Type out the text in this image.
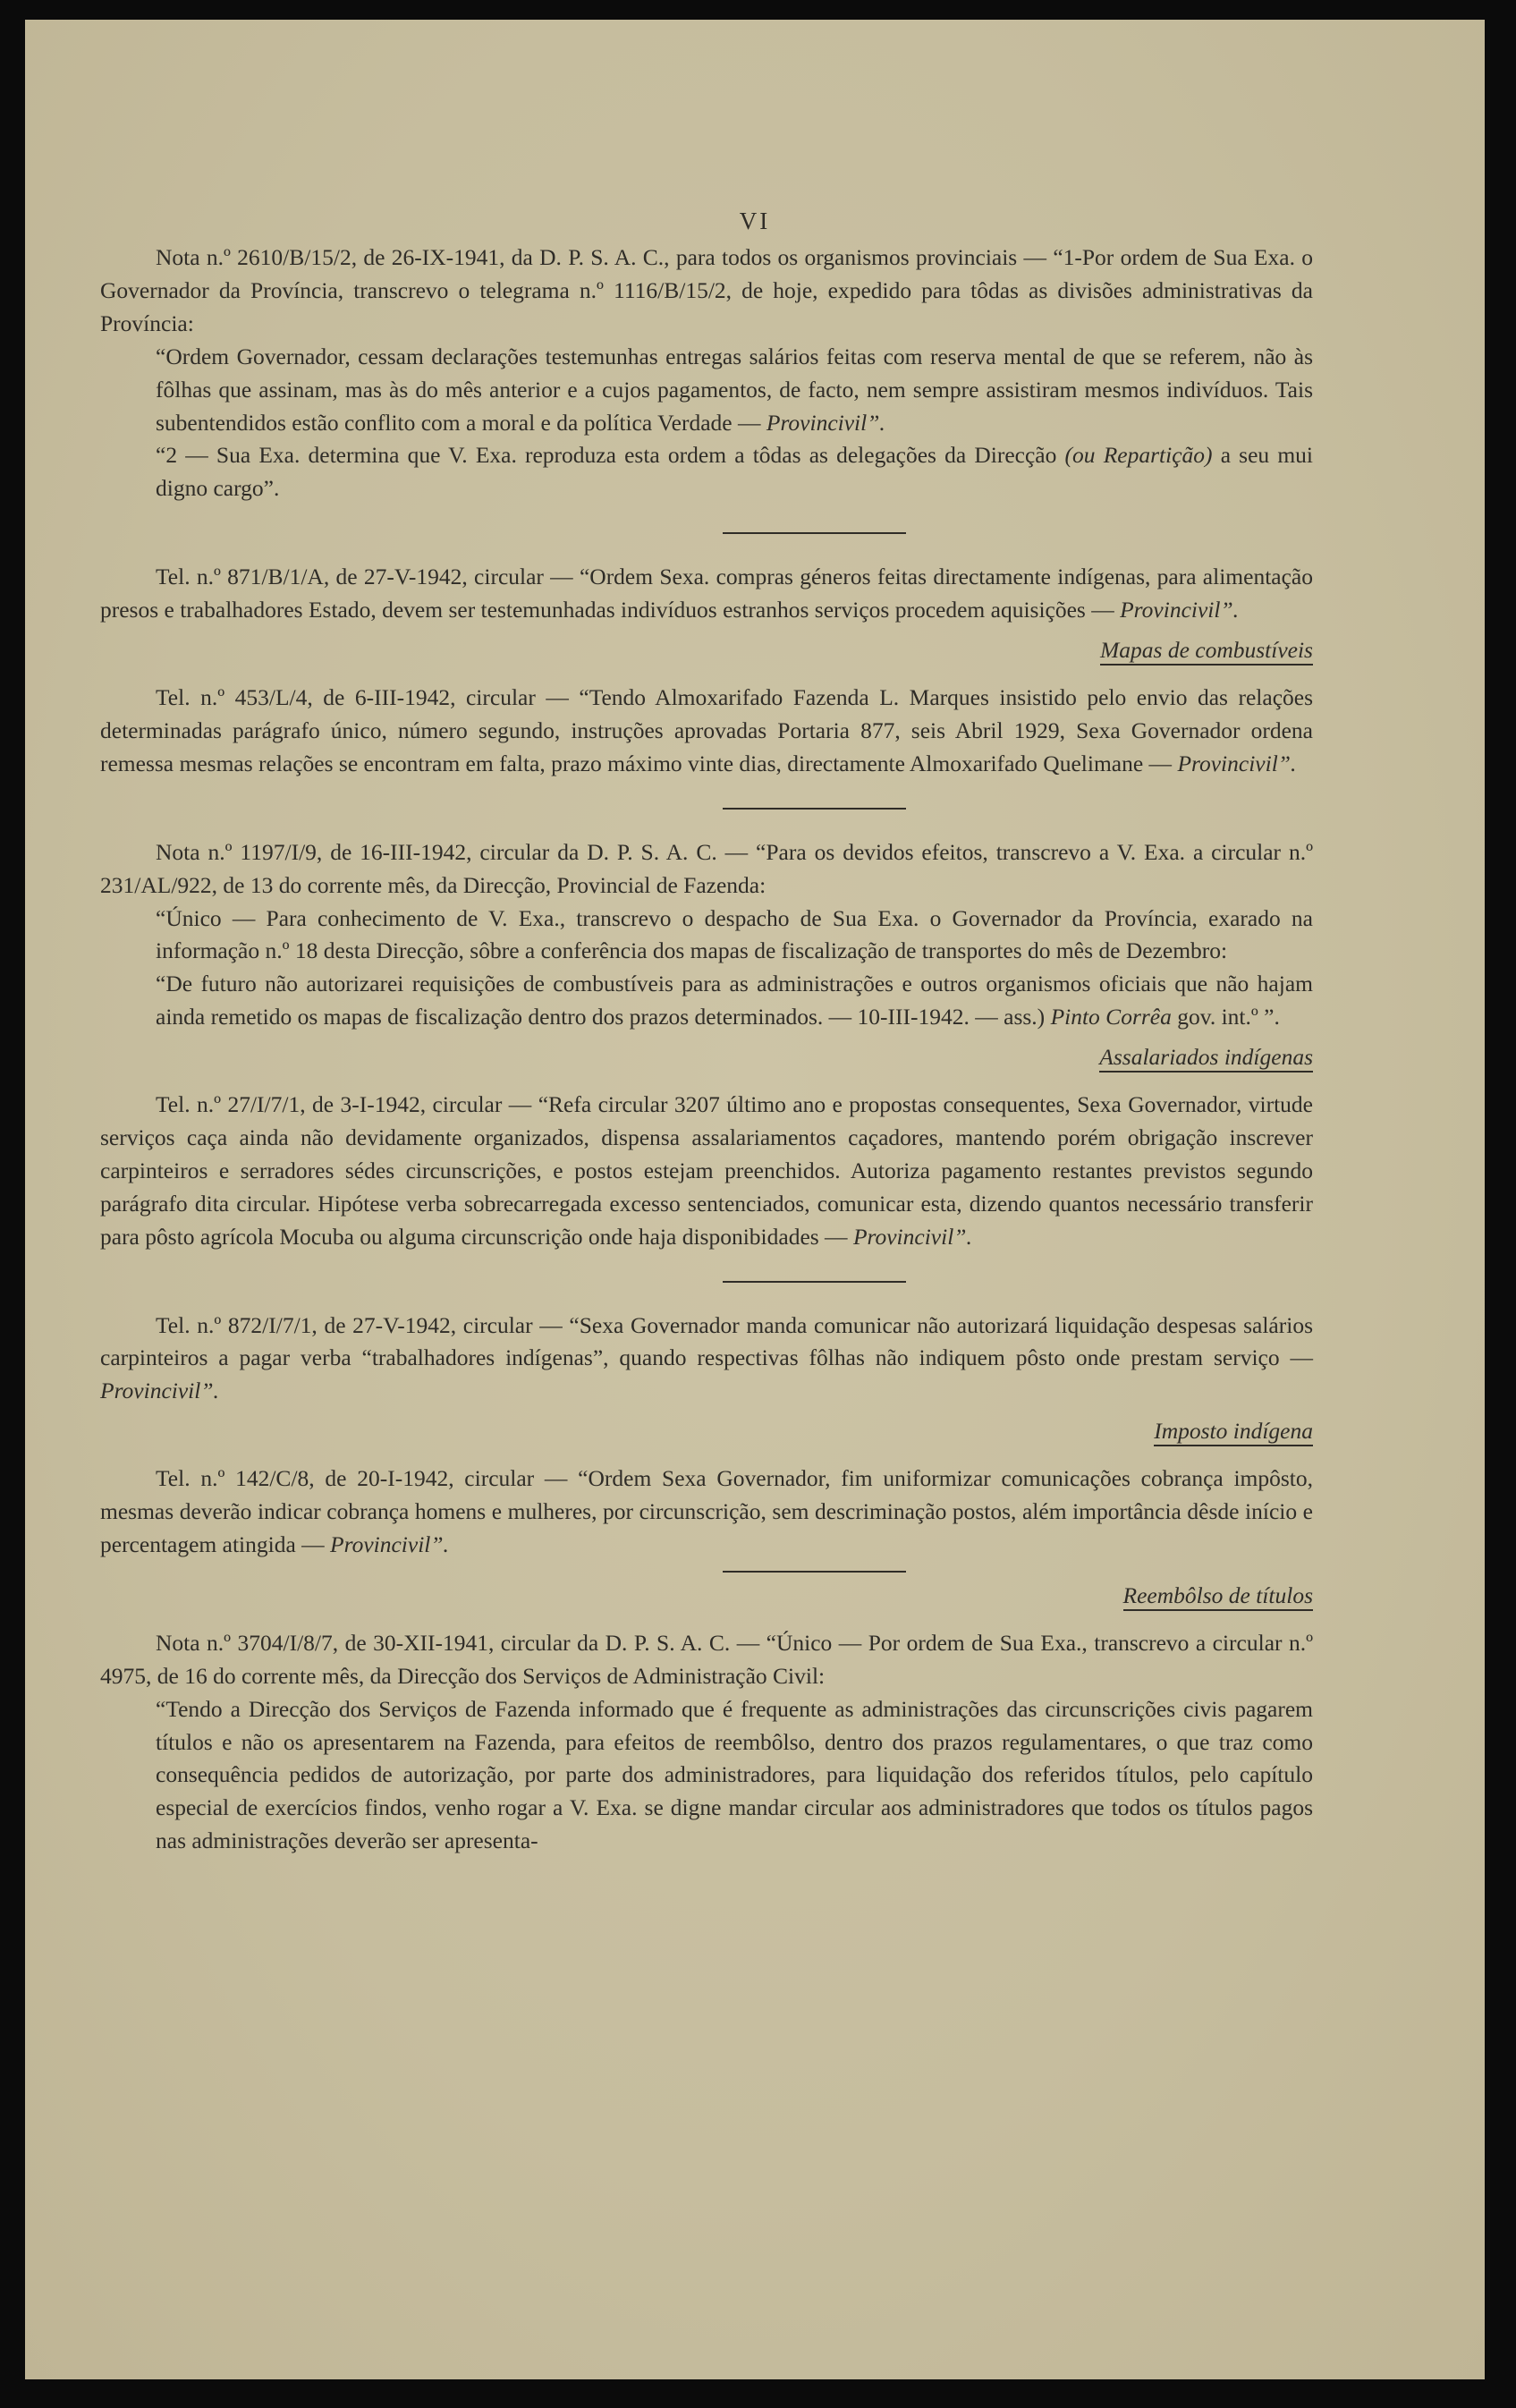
VI

Nota n.º 2610/B/15/2, de 26-IX-1941, da D. P. S. A. C., para todos os organismos provinciais — “1-Por ordem de Sua Exa. o Governador da Província, transcrevo o telegrama n.º 1116/B/15/2, de hoje, expedido para tôdas as divisões administrativas da Província:

“Ordem Governador, cessam declarações testemunhas entregas salários feitas com reserva mental de que se referem, não às fôlhas que assinam, mas às do mês anterior e a cujos pagamentos, de facto, nem sempre assistiram mesmos indivíduos. Tais subentendidos estão conflito com a moral e da política Verdade — Provincivil”.

“2 — Sua Exa. determina que V. Exa. reproduza esta ordem a tôdas as delegações da Direcção (ou Repartição) a seu mui digno cargo”.

Tel. n.º 871/B/1/A, de 27-V-1942, circular — “Ordem Sexa. compras géneros feitas directamente indígenas, para alimentação presos e trabalhadores Estado, devem ser testemunhadas indivíduos estranhos serviços procedem aquisições — Provincivil”.

Mapas de combustíveis

Tel. n.º 453/L/4, de 6-III-1942, circular — “Tendo Almoxarifado Fazenda L. Marques insistido pelo envio das relações determinadas parágrafo único, número segundo, instruções aprovadas Portaria 877, seis Abril 1929, Sexa Governador ordena remessa mesmas relações se encontram em falta, prazo máximo vinte dias, directamente Almoxarifado Quelimane — Provincivil”.

Nota n.º 1197/I/9, de 16-III-1942, circular da D. P. S. A. C. — “Para os devidos efeitos, transcrevo a V. Exa. a circular n.º 231/AL/922, de 13 do corrente mês, da Direcção, Provincial de Fazenda:

“Único — Para conhecimento de V. Exa., transcrevo o despacho de Sua Exa. o Governador da Província, exarado na informação n.º 18 desta Direcção, sôbre a conferência dos mapas de fiscalização de transportes do mês de Dezembro:

“De futuro não autorizarei requisições de combustíveis para as administrações e outros organismos oficiais que não hajam ainda remetido os mapas de fiscalização dentro dos prazos determinados. — 10-III-1942. — ass.) Pinto Corrêa gov. int.º ”.

Assalariados indígenas

Tel. n.º 27/I/7/1, de 3-I-1942, circular — “Refa circular 3207 último ano e propostas consequentes, Sexa Governador, virtude serviços caça ainda não devidamente organizados, dispensa assalariamentos caçadores, mantendo porém obrigação inscrever carpinteiros e serradores sédes circunscrições, e postos estejam preenchidos. Autoriza pagamento restantes previstos segundo parágrafo dita circular. Hipótese verba sobrecarregada excesso sentenciados, comunicar esta, dizendo quantos necessário transferir para pôsto agrícola Mocuba ou alguma circunscrição onde haja disponibidades — Provincivil”.

Tel. n.º 872/I/7/1, de 27-V-1942, circular — “Sexa Governador manda comunicar não autorizará liquidação despesas salários carpinteiros a pagar verba “trabalhadores indígenas”, quando respectivas fôlhas não indiquem pôsto onde prestam serviço — Provincivil”.

Imposto indígena

Tel. n.º 142/C/8, de 20-I-1942, circular — “Ordem Sexa Governador, fim uniformizar comunicações cobrança impôsto, mesmas deverão indicar cobrança homens e mulheres, por circunscrição, sem descriminação postos, além importância dêsde início e percentagem atingida — Provincivil”.

Reembôlso de títulos

Nota n.º 3704/I/8/7, de 30-XII-1941, circular da D. P. S. A. C. — “Único — Por ordem de Sua Exa., transcrevo a circular n.º 4975, de 16 do corrente mês, da Direcção dos Serviços de Administração Civil:

“Tendo a Direcção dos Serviços de Fazenda informado que é frequente as administrações das circunscrições civis pagarem títulos e não os apresentarem na Fazenda, para efeitos de reembôlso, dentro dos prazos regulamentares, o que traz como consequência pedidos de autorização, por parte dos administradores, para liquidação dos referidos títulos, pelo capítulo especial de exercícios findos, venho rogar a V. Exa. se digne mandar circular aos administradores que todos os títulos pagos nas administrações deverão ser apresenta-
